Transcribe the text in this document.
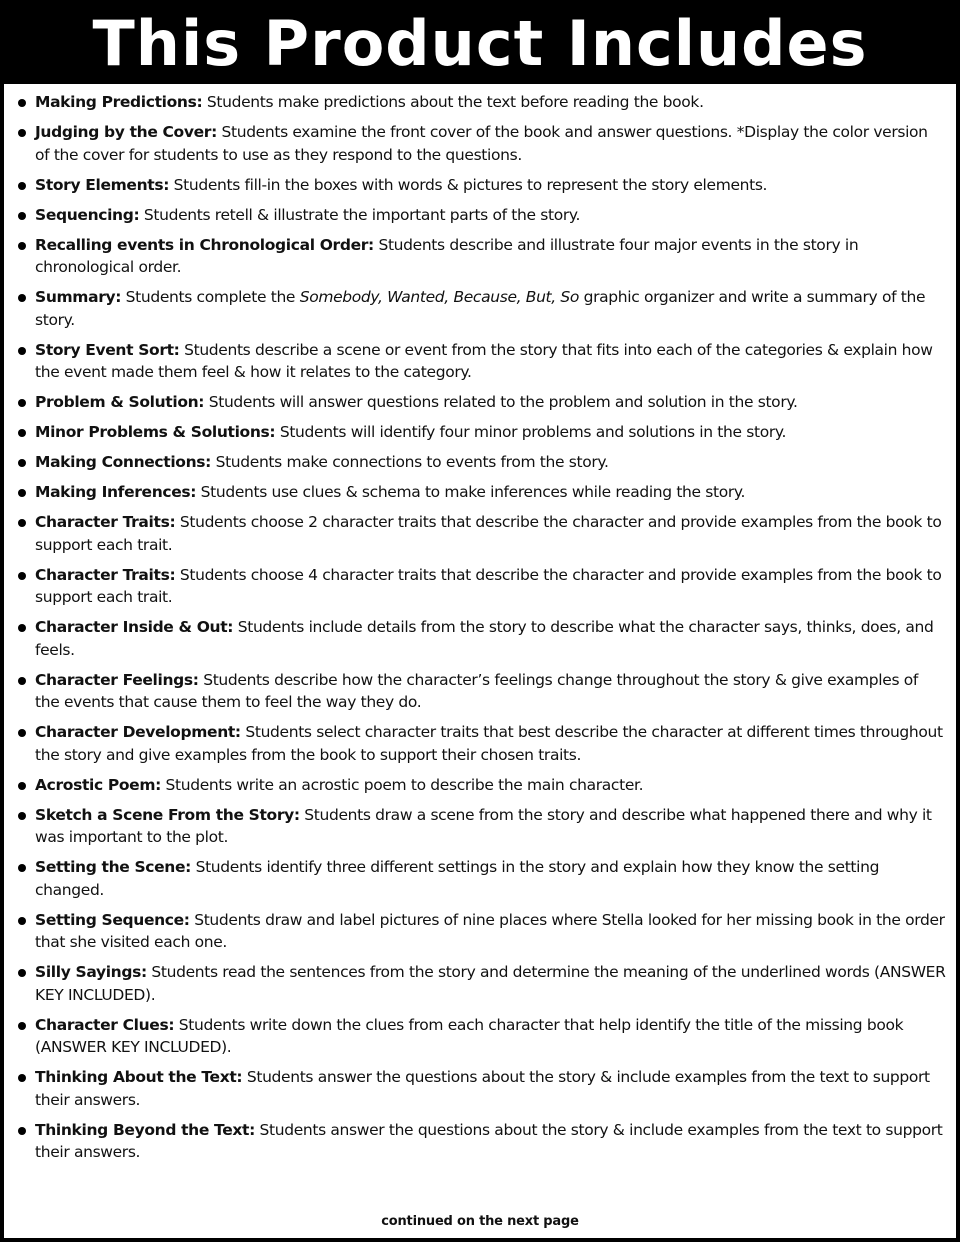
This Product Includes
Making Predictions: Students make predictions about the text before reading the book.
Judging by the Cover: Students examine the front cover of the book and answer questions. *Display the color version of the cover for students to use as they respond to the questions.
Story Elements: Students fill-in the boxes with words & pictures to represent the story elements.
Sequencing: Students retell & illustrate the important parts of the story.
Recalling events in Chronological Order: Students describe and illustrate four major events in the story in chronological order.
Summary: Students complete the Somebody, Wanted, Because, But, So graphic organizer and write a summary of the story.
Story Event Sort: Students describe a scene or event from the story that fits into each of the categories & explain how the event made them feel & how it relates to the category.
Problem & Solution: Students will answer questions related to the problem and solution in the story.
Minor Problems & Solutions: Students will identify four minor problems and solutions in the story.
Making Connections: Students make connections to events from the story.
Making Inferences: Students use clues & schema to make inferences while reading the story.
Character Traits: Students choose 2 character traits that describe the character and provide examples from the book to support each trait.
Character Traits: Students choose 4 character traits that describe the character and provide examples from the book to support each trait.
Character Inside & Out: Students include details from the story to describe what the character says, thinks, does, and feels.
Character Feelings: Students describe how the character’s feelings change throughout the story & give examples of the events that cause them to feel the way they do.
Character Development: Students select character traits that best describe the character at different times throughout the story and give examples from the book to support their chosen traits.
Acrostic Poem: Students write an acrostic poem to describe the main character.
Sketch a Scene From the Story: Students draw a scene from the story and describe what happened there and why it was important to the plot.
Setting the Scene: Students identify three different settings in the story and explain how they know the setting changed.
Setting Sequence: Students draw and label pictures of nine places where Stella looked for her missing book in the order that she visited each one.
Silly Sayings: Students read the sentences from the story and determine the meaning of the underlined words (ANSWER KEY INCLUDED).
Character Clues: Students write down the clues from each character that help identify the title of the missing book (ANSWER KEY INCLUDED).
Thinking About the Text: Students answer the questions about the story & include examples from the text to support their answers.
Thinking Beyond the Text: Students answer the questions about the story & include examples from the text to support their answers.
continued on the next page
